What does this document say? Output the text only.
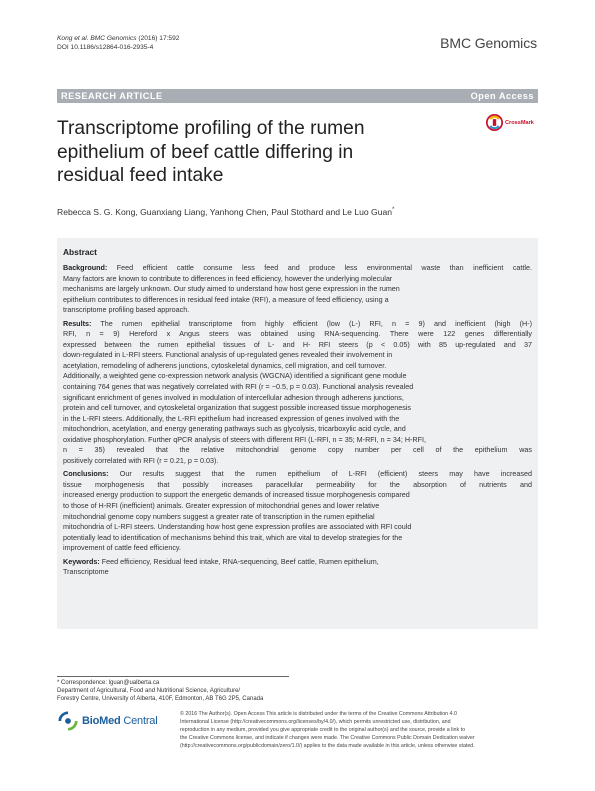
Kong et al. BMC Genomics (2016) 17:592
DOI 10.1186/s12864-016-2935-4	BMC Genomics
RESEARCH ARTICLE	Open Access
Transcriptome profiling of the rumen
epithelium of beef cattle differing in
residual feed intake
CrossMark
Rebecca S. G. Kong, Guanxiang Liang, Yanhong Chen, Paul Stothard and Le Luo Guan*
Abstract
Background: Feed efficient cattle consume less feed and produce less environmental waste than inefficient cattle.
Many factors are known to contribute to differences in feed efficiency, however the underlying molecular
mechanisms are largely unknown. Our study aimed to understand how host gene expression in the rumen
epithelium contributes to differences in residual feed intake (RFI), a measure of feed efficiency, using a
transcriptome profiling based approach.
Results: The rumen epithelial transcriptome from highly efficient (low (L-) RFI, n = 9) and inefficient (high (H-)
RFI, n = 9) Hereford x Angus steers was obtained using RNA-sequencing. There were 122 genes differentially
expressed between the rumen epithelial tissues of L- and H- RFI steers (p < 0.05) with 85 up-regulated and 37
down-regulated in L-RFI steers. Functional analysis of up-regulated genes revealed their involvement in
acetylation, remodeling of adherens junctions, cytoskeletal dynamics, cell migration, and cell turnover.
Additionally, a weighted gene co-expression network analysis (WGCNA) identified a significant gene module
containing 764 genes that was negatively correlated with RFI (r = −0.5, p = 0.03). Functional analysis revealed
significant enrichment of genes involved in modulation of intercellular adhesion through adherens junctions,
protein and cell turnover, and cytoskeletal organization that suggest possible increased tissue morphogenesis
in the L-RFI steers. Additionally, the L-RFI epithelium had increased expression of genes involved with the
mitochondrion, acetylation, and energy generating pathways such as glycolysis, tricarboxylic acid cycle, and
oxidative phosphorylation. Further qPCR analysis of steers with different RFI (L-RFI, n = 35; M-RFI, n = 34; H-RFI,
n = 35) revealed that the relative mitochondrial genome copy number per cell of the epithelium was
positively correlated with RFI (r = 0.21, p = 0.03).
Conclusions: Our results suggest that the rumen epithelium of L-RFI (efficient) steers may have increased
tissue morphogenesis that possibly increases paracellular permeability for the absorption of nutrients and
increased energy production to support the energetic demands of increased tissue morphogenesis compared
to those of H-RFI (inefficient) animals. Greater expression of mitochondrial genes and lower relative
mitochondrial genome copy numbers suggest a greater rate of transcription in the rumen epithelial
mitochondria of L-RFI steers. Understanding how host gene expression profiles are associated with RFI could
potentially lead to identification of mechanisms behind this trait, which are vital to develop strategies for the
improvement of cattle feed efficiency.
Keywords: Feed efficiency, Residual feed intake, RNA-sequencing, Beef cattle, Rumen epithelium,
Transcriptome
* Correspondence: lguan@ualberta.ca
Department of Agricultural, Food and Nutritional Science, Agriculture/
Forestry Centre, University of Alberta, 410F, Edmonton, AB T6G 2P5, Canada
BioMed Central
© 2016 The Author(s). Open Access This article is distributed under the terms of the Creative Commons Attribution 4.0
International License (http://creativecommons.org/licenses/by/4.0/), which permits unrestricted use, distribution, and
reproduction in any medium, provided you give appropriate credit to the original author(s) and the source, provide a link to
the Creative Commons license, and indicate if changes were made. The Creative Commons Public Domain Dedication waiver
(http://creativecommons.org/publicdomain/zero/1.0/) applies to the data made available in this article, unless otherwise stated.
